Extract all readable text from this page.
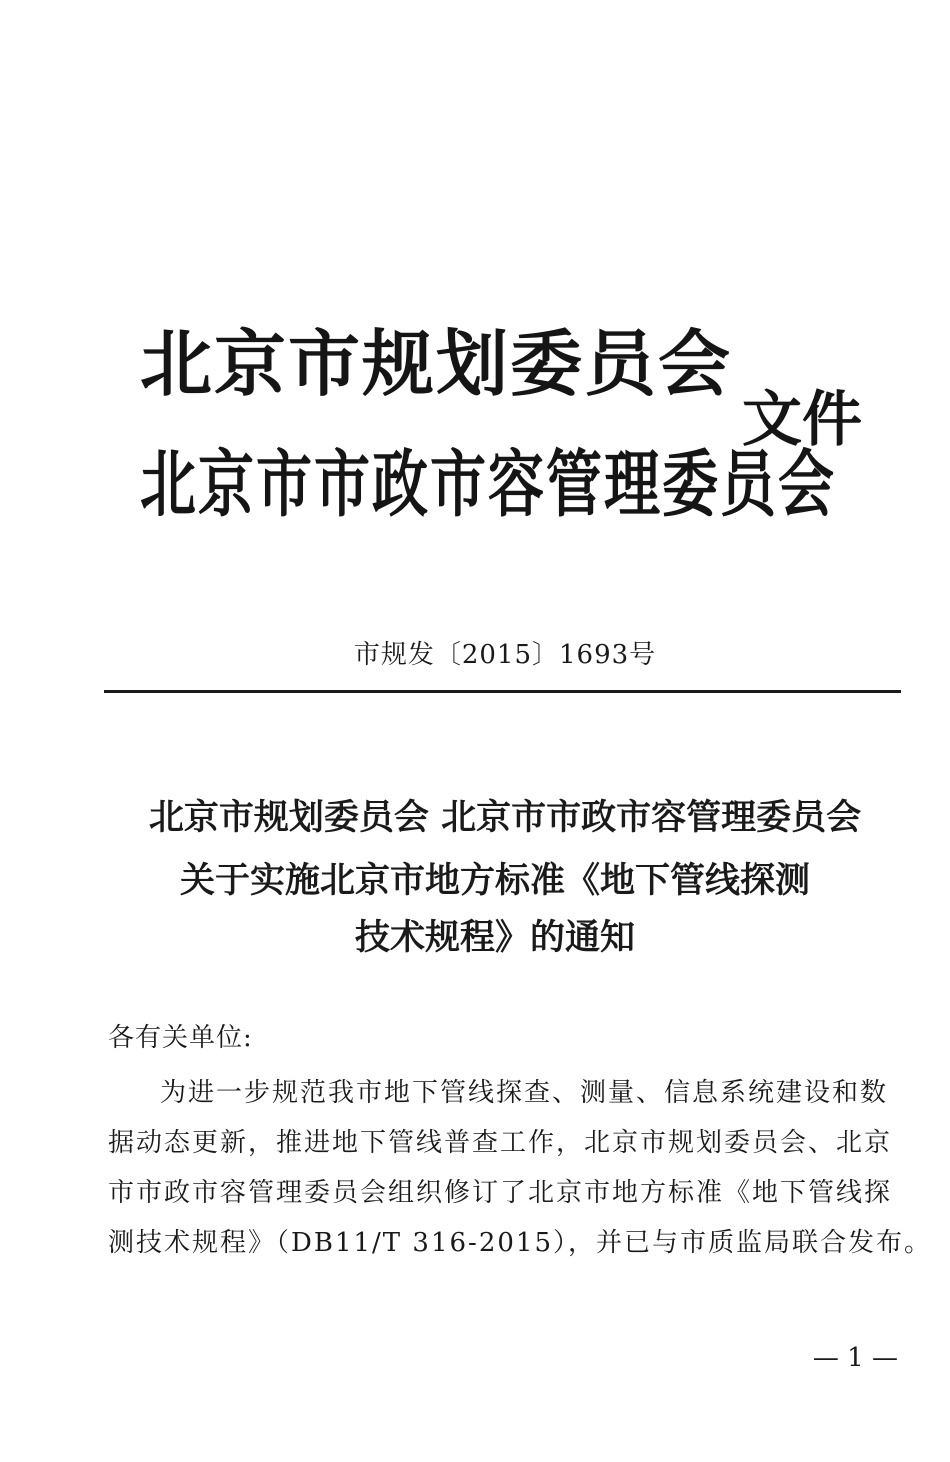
北京市规划委员会
北京市市政市容管理委员会
文件
市规发〔2015〕1693号
北京市规划委员会 北京市市政市容管理委员会
关于实施北京市地方标准《地下管线探测
技术规程》的通知
各有关单位:
为进一步规范我市地下管线探查、测量、信息系统建设和数
据动态更新，推进地下管线普查工作，北京市规划委员会、北京
市市政市容管理委员会组织修订了北京市地方标准《地下管线探
测技术规程》（DB11/T 316-2015），并已与市质监局联合发布。
— 1 —
